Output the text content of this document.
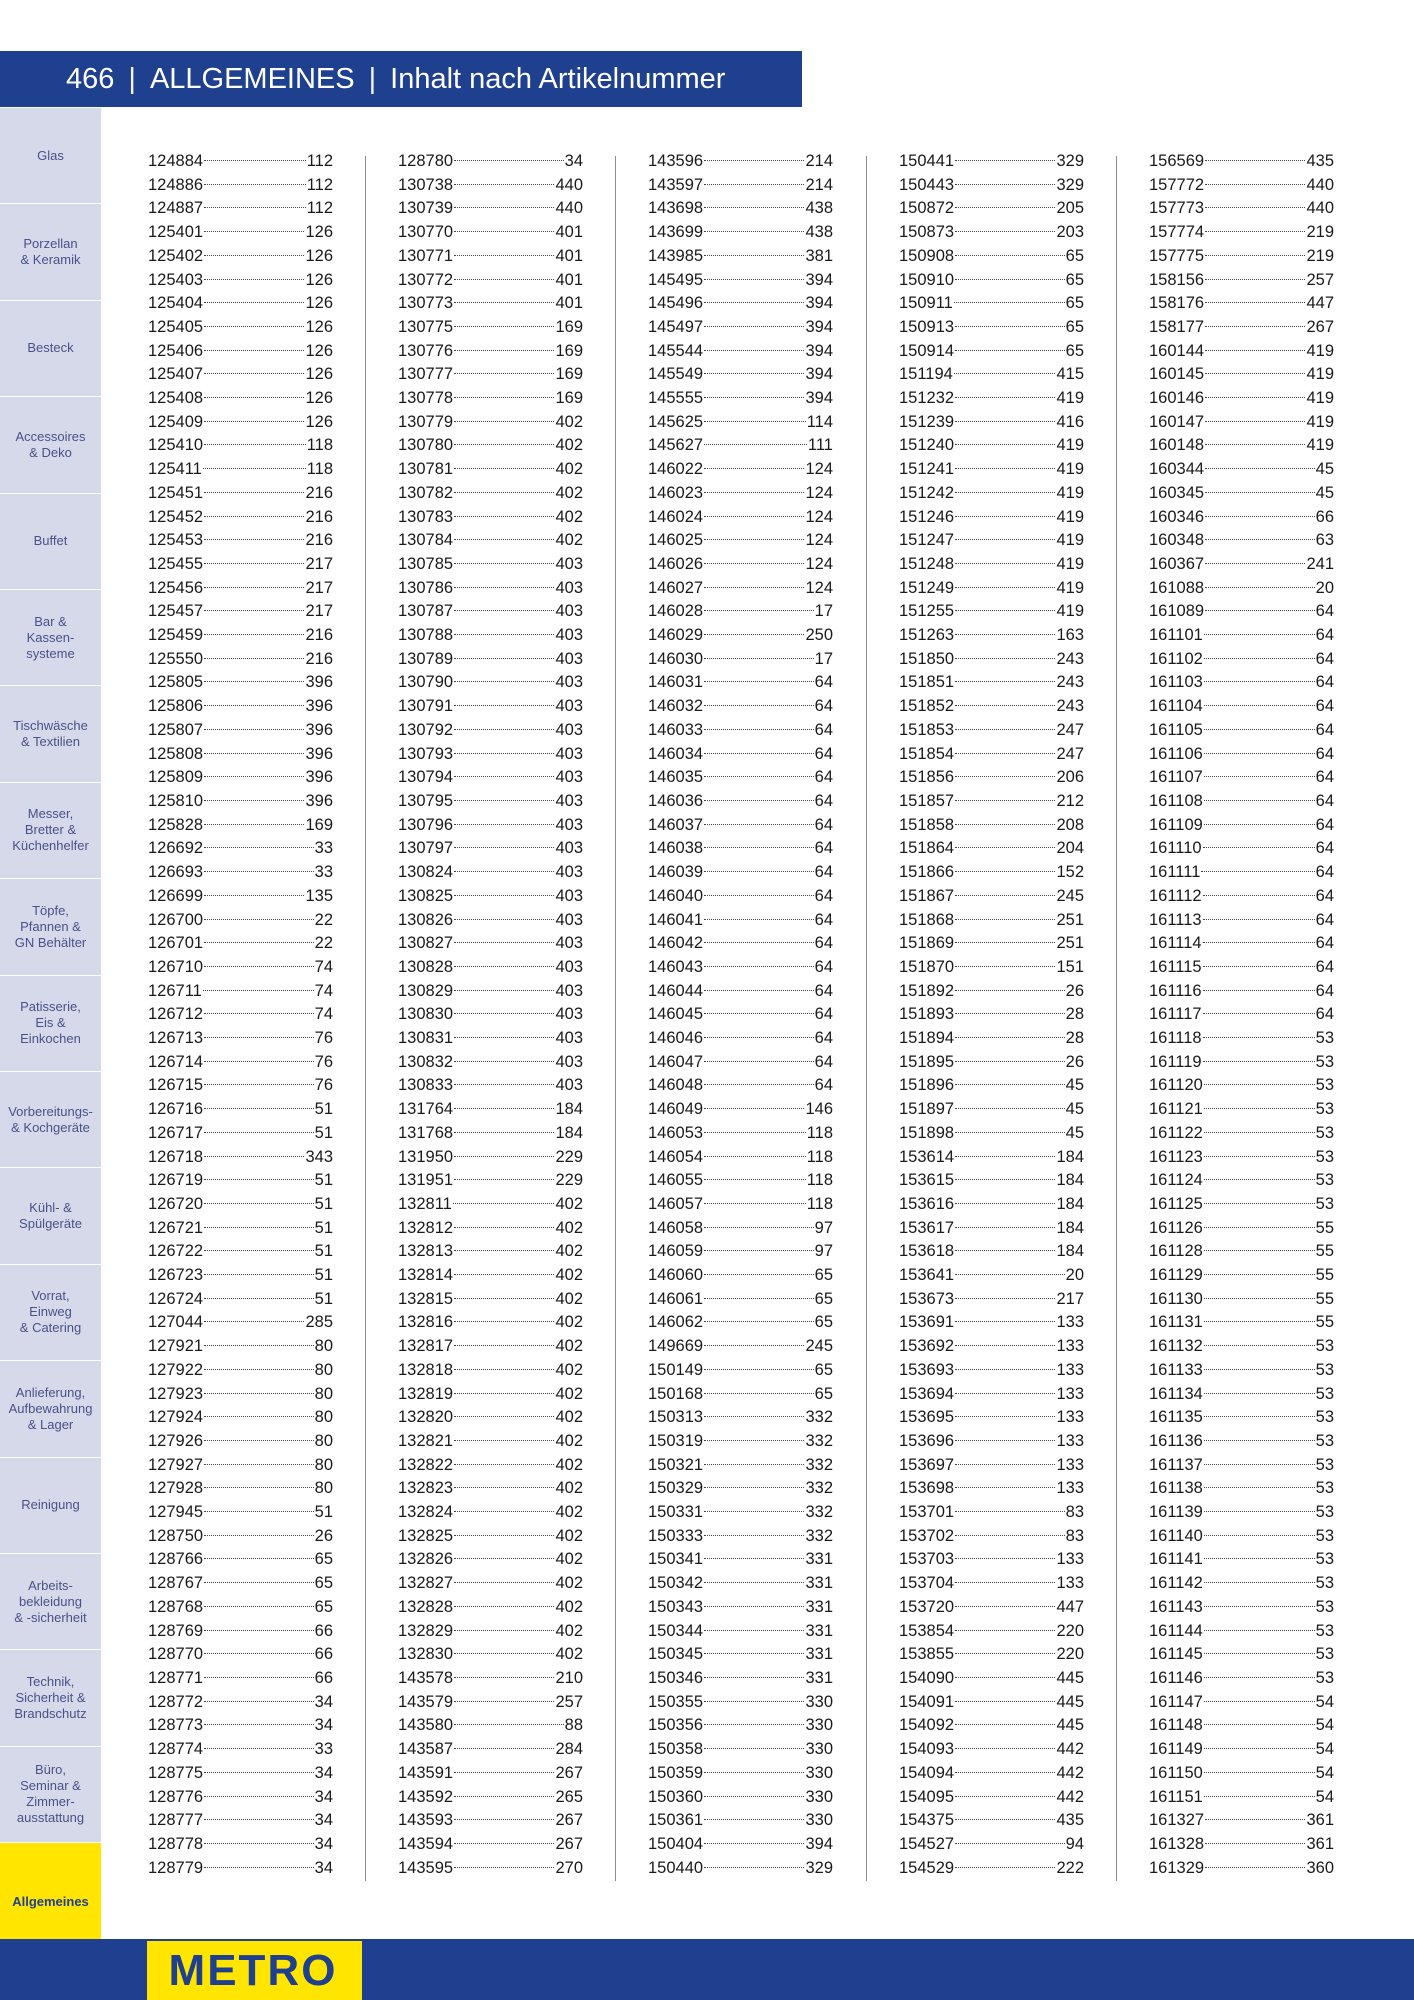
466 | ALLGEMEINES | Inhalt nach Artikelnummer
Glas
Porzellan
& Keramik
Besteck
Accessoires
& Deko
Buffet
Bar &
Kassen-
systeme
Tischwäsche
& Textilien
Messer,
Bretter &
Küchenhelfer
Töpfe,
Pfannen &
GN Behälter
Patisserie,
Eis &
Einkochen
Vorbereitungs-
& Kochgeräte
Kühl- &
Spülgeräte
Vorrat,
Einweg
& Catering
Anlieferung,
Aufbewahrung
& Lager
Reinigung
Arbeits-
bekleidung
& -sicherheit
Technik,
Sicherheit &
Brandschutz
Büro,
Seminar &
Zimmer-
ausstattung
Allgemeines
124884	112
124886	112
124887	112
125401	126
125402	126
125403	126
125404	126
125405	126
125406	126
125407	126
125408	126
125409	126
125410	118
125411	118
125451	216
125452	216
125453	216
125455	217
125456	217
125457	217
125459	216
125550	216
125805	396
125806	396
125807	396
125808	396
125809	396
125810	396
125828	169
126692	33
126693	33
126699	135
126700	22
126701	22
126710	74
126711	74
126712	74
126713	76
126714	76
126715	76
126716	51
126717	51
126718	343
126719	51
126720	51
126721	51
126722	51
126723	51
126724	51
127044	285
127921	80
127922	80
127923	80
127924	80
127926	80
127927	80
127928	80
127945	51
128750	26
128766	65
128767	65
128768	65
128769	66
128770	66
128771	66
128772	34
128773	34
128774	33
128775	34
128776	34
128777	34
128778	34
128779	34
128780	34
130738	440
130739	440
130770	401
130771	401
130772	401
130773	401
130775	169
130776	169
130777	169
130778	169
130779	402
130780	402
130781	402
130782	402
130783	402
130784	402
130785	403
130786	403
130787	403
130788	403
130789	403
130790	403
130791	403
130792	403
130793	403
130794	403
130795	403
130796	403
130797	403
130824	403
130825	403
130826	403
130827	403
130828	403
130829	403
130830	403
130831	403
130832	403
130833	403
131764	184
131768	184
131950	229
131951	229
132811	402
132812	402
132813	402
132814	402
132815	402
132816	402
132817	402
132818	402
132819	402
132820	402
132821	402
132822	402
132823	402
132824	402
132825	402
132826	402
132827	402
132828	402
132829	402
132830	402
143578	210
143579	257
143580	88
143587	284
143591	267
143592	265
143593	267
143594	267
143595	270
143596	214
143597	214
143698	438
143699	438
143985	381
145495	394
145496	394
145497	394
145544	394
145549	394
145555	394
145625	114
145627	111
146022	124
146023	124
146024	124
146025	124
146026	124
146027	124
146028	17
146029	250
146030	17
146031	64
146032	64
146033	64
146034	64
146035	64
146036	64
146037	64
146038	64
146039	64
146040	64
146041	64
146042	64
146043	64
146044	64
146045	64
146046	64
146047	64
146048	64
146049	146
146053	118
146054	118
146055	118
146057	118
146058	97
146059	97
146060	65
146061	65
146062	65
149669	245
150149	65
150168	65
150313	332
150319	332
150321	332
150329	332
150331	332
150333	332
150341	331
150342	331
150343	331
150344	331
150345	331
150346	331
150355	330
150356	330
150358	330
150359	330
150360	330
150361	330
150404	394
150440	329
150441	329
150443	329
150872	205
150873	203
150908	65
150910	65
150911	65
150913	65
150914	65
151194	415
151232	419
151239	416
151240	419
151241	419
151242	419
151246	419
151247	419
151248	419
151249	419
151255	419
151263	163
151850	243
151851	243
151852	243
151853	247
151854	247
151856	206
151857	212
151858	208
151864	204
151866	152
151867	245
151868	251
151869	251
151870	151
151892	26
151893	28
151894	28
151895	26
151896	45
151897	45
151898	45
153614	184
153615	184
153616	184
153617	184
153618	184
153641	20
153673	217
153691	133
153692	133
153693	133
153694	133
153695	133
153696	133
153697	133
153698	133
153701	83
153702	83
153703	133
153704	133
153720	447
153854	220
153855	220
154090	445
154091	445
154092	445
154093	442
154094	442
154095	442
154375	435
154527	94
154529	222
156569	435
157772	440
157773	440
157774	219
157775	219
158156	257
158176	447
158177	267
160144	419
160145	419
160146	419
160147	419
160148	419
160344	45
160345	45
160346	66
160348	63
160367	241
161088	20
161089	64
161101	64
161102	64
161103	64
161104	64
161105	64
161106	64
161107	64
161108	64
161109	64
161110	64
161111	64
161112	64
161113	64
161114	64
161115	64
161116	64
161117	64
161118	53
161119	53
161120	53
161121	53
161122	53
161123	53
161124	53
161125	53
161126	55
161128	55
161129	55
161130	55
161131	55
161132	53
161133	53
161134	53
161135	53
161136	53
161137	53
161138	53
161139	53
161140	53
161141	53
161142	53
161143	53
161144	53
161145	53
161146	53
161147	54
161148	54
161149	54
161150	54
161151	54
161327	361
161328	361
161329	360
METRO
